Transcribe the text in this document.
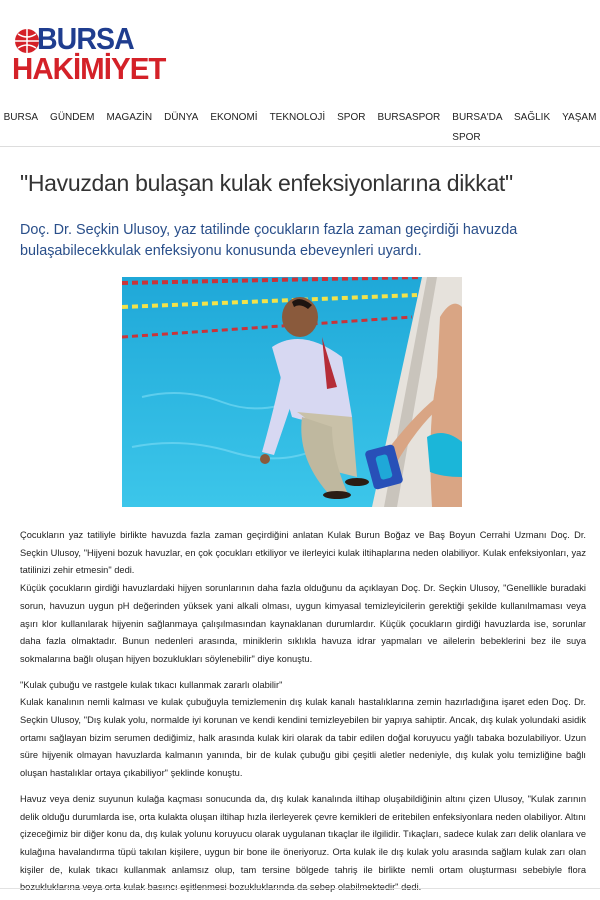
BURSA
HAKİMİYET
BURSA GÜNDEM MAGAZİN DÜNYA EKONOMİ TEKNOLOJİ SPOR BURSASPOR BURSA'DA SPOR
SAĞLIK YAŞAM
"Havuzdan bulaşan kulak enfeksiyonlarına dikkat"
Doç. Dr. Seçkin Ulusoy, yaz tatilinde çocukların fazla zaman geçirdiği havuzda bulaşabilecekkulak enfeksiyonu konusunda ebeveynleri uyardı.

Çocukların yaz tatiliyle birlikte havuzda fazla zaman geçirdiğini anlatan Kulak Burun Boğaz ve Baş Boyun Cerrahi Uzmanı Doç. Dr. Seçkin Ulusoy, "Hijyeni bozuk havuzlar, en çok çocukları etkiliyor ve ilerleyici kulak iltihaplarına neden olabiliyor. Kulak enfeksiyonları, yaz tatilinizi zehir etmesin" dedi.

Küçük çocukların girdiği havuzlardaki hijyen sorunlarının daha fazla olduğunu da açıklayan Doç. Dr. Seçkin Ulusoy, "Genellikle buradaki sorun, havuzun uygun pH değerinden yüksek yani alkali olması, uygun kimyasal temizleyicilerin gerektiği şekilde kullanılmaması veya aşırı klor kullanılarak hijyenin sağlanmaya çalışılmasından kaynaklanan durumlardır. Küçük çocukların girdiği havuzlarda ise, sorunlar daha fazla olmaktadır. Bunun nedenleri arasında, miniklerin sıklıkla havuza idrar yapmaları ve ailelerin bebeklerini bez ile suya sokmalarına bağlı oluşan hijyen bozuklukları söylenebilir" diye konuştu.

"Kulak çubuğu ve rastgele kulak tıkacı kullanmak zararlı olabilir"

Kulak kanalının nemli kalması ve kulak çubuğuyla temizlemenin dış kulak kanalı hastalıklarına zemin hazırladığına işaret eden Doç. Dr. Seçkin Ulusoy, "Dış kulak yolu, normalde iyi korunan ve kendi kendini temizleyebilen bir yapıya sahiptir. Ancak, dış kulak yolundaki asidik ortamı sağlayan bizim serumen dediğimiz, halk arasında kulak kiri olarak da tabir edilen doğal koruyucu yağlı tabaka bozulabiliyor. Uzun süre hijyenik olmayan havuzlarda kalmanın yanında, bir de kulak çubuğu gibi çeşitli aletler nedeniyle, dış kulak yolu temizliğine bağlı oluşan hastalıklar ortaya çıkabiliyor" şeklinde konuştu.

Havuz veya deniz suyunun kulağa kaçması sonucunda da, dış kulak kanalında iltihap oluşabildiğinin altını çizen Ulusoy, "Kulak zarının delik olduğu durumlarda ise, orta kulakta oluşan iltihap hızla ilerleyerek çevre kemikleri de eritebilen enfeksiyonlara neden olabiliyor. Altını çizeceğimiz bir diğer konu da, dış kulak yolunu koruyucu olarak uygulanan tıkaçlar ile ilgilidir. Tıkaçları, sadece kulak zarı delik olanlara ve kulağına havalandırma tüpü takılan kişilere, uygun bir bone ile öneriyoruz. Orta kulak ile dış kulak yolu arasında sağlam kulak zarı olan kişiler de, kulak tıkacı kullanmak anlamsız olup, tam tersine bölgede tahriş ile birlikte nemli ortam oluşturması sebebiyle flora
